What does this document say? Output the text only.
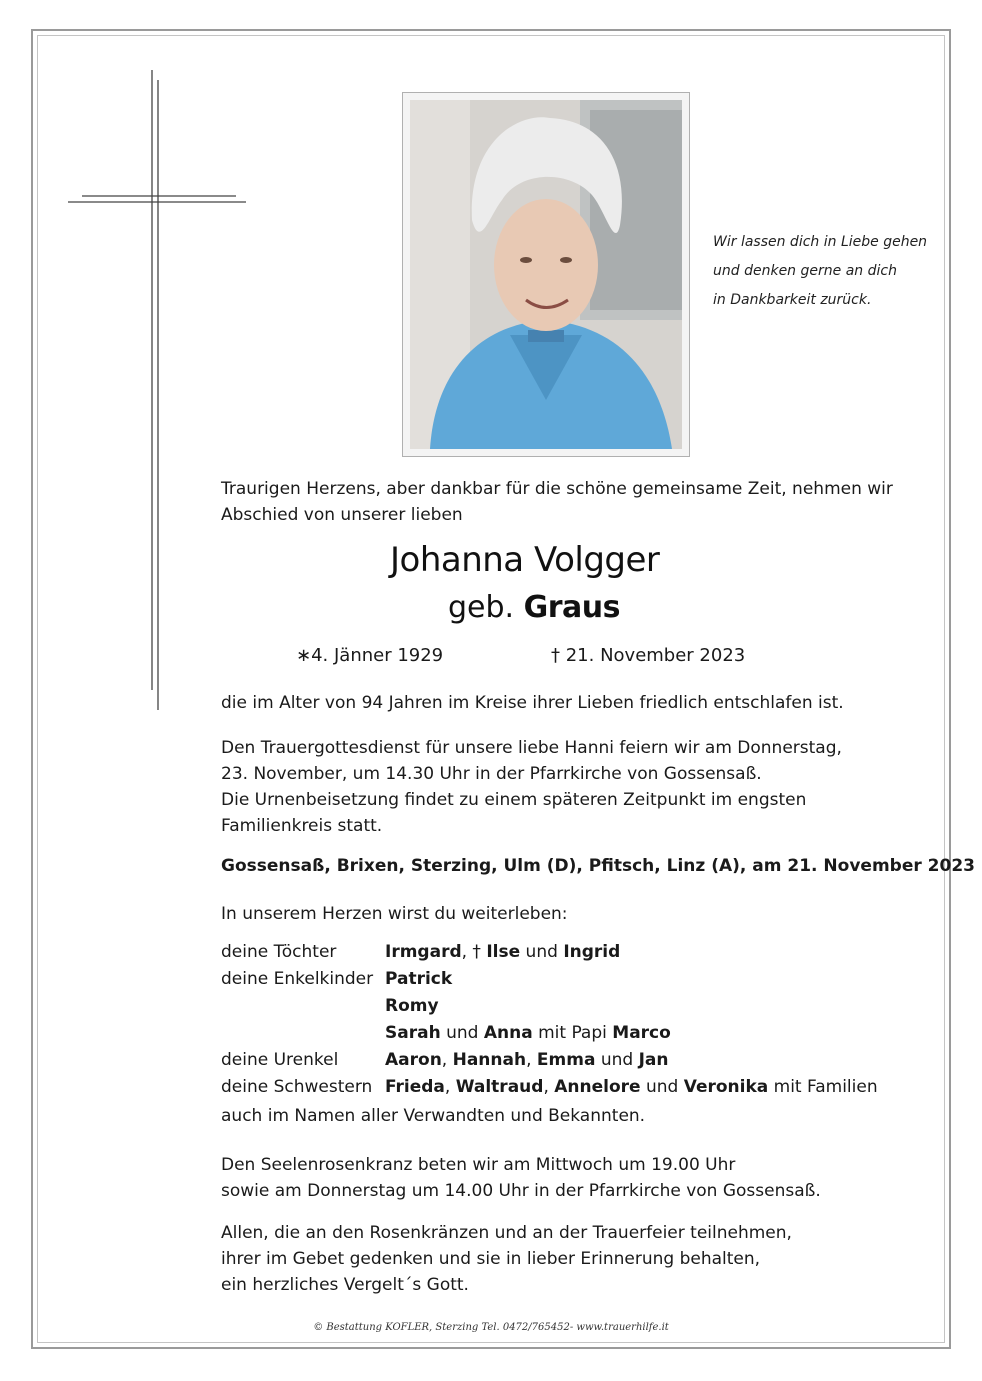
Wir lassen dich in Liebe gehen
und denken gerne an dich
in Dankbarkeit zurück.
Traurigen Herzens, aber dankbar für die schöne gemeinsame Zeit, nehmen wir
Abschied von unserer lieben
Johanna Volgger
geb. Graus
∗4. Jänner 1929	† 21. November 2023
die im Alter von 94 Jahren im Kreise ihrer Lieben friedlich entschlafen ist.
Den Trauergottesdienst für unsere liebe Hanni feiern wir am Donnerstag,
23. November, um 14.30 Uhr in der Pfarrkirche von Gossensaß.
Die Urnenbeisetzung findet zu einem späteren Zeitpunkt im engsten
Familienkreis statt.
Gossensaß, Brixen, Sterzing, Ulm (D), Pfitsch, Linz (A), am 21. November 2023
In unserem Herzen wirst du weiterleben:
deine Töchter	Irmgard, † Ilse und Ingrid
deine Enkelkinder Patrick
Romy
Sarah und Anna mit Papi Marco
deine Urenkel	Aaron, Hannah, Emma und Jan
deine Schwestern Frieda, Waltraud, Annelore und Veronika mit Familien
auch im Namen aller Verwandten und Bekannten.
Den Seelenrosenkranz beten wir am Mittwoch um 19.00 Uhr
sowie am Donnerstag um 14.00 Uhr in der Pfarrkirche von Gossensaß.
Allen, die an den Rosenkränzen und an der Trauerfeier teilnehmen,
ihrer im Gebet gedenken und sie in lieber Erinnerung behalten,
ein herzliches Vergelt´s Gott.
© Bestattung KOFLER, Sterzing Tel. 0472/765452- www.trauerhilfe.it
